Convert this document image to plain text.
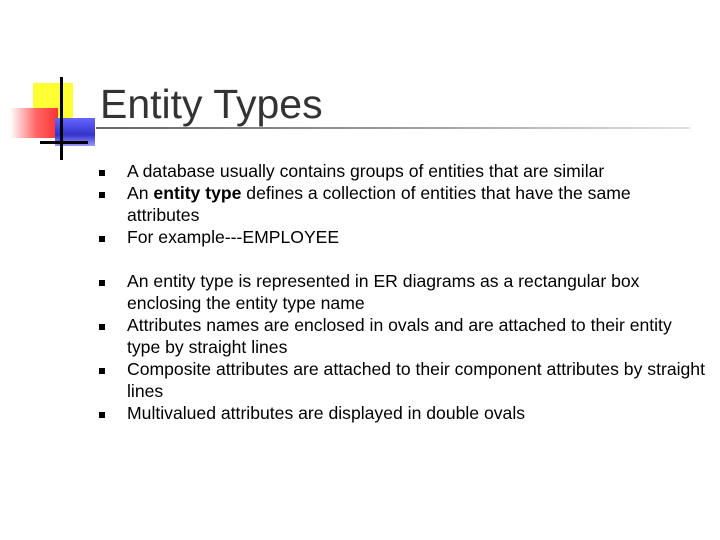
Entity Types
A database usually contains groups of entities that are similar
An entity type defines a collection of entities that have the same attributes
For example---EMPLOYEE
An entity type is represented in ER diagrams as a rectangular box enclosing the entity type name
Attributes names are enclosed in ovals and are attached to their entity type by straight lines
Composite attributes are attached to their component attributes by straight lines
Multivalued attributes are displayed in double ovals
